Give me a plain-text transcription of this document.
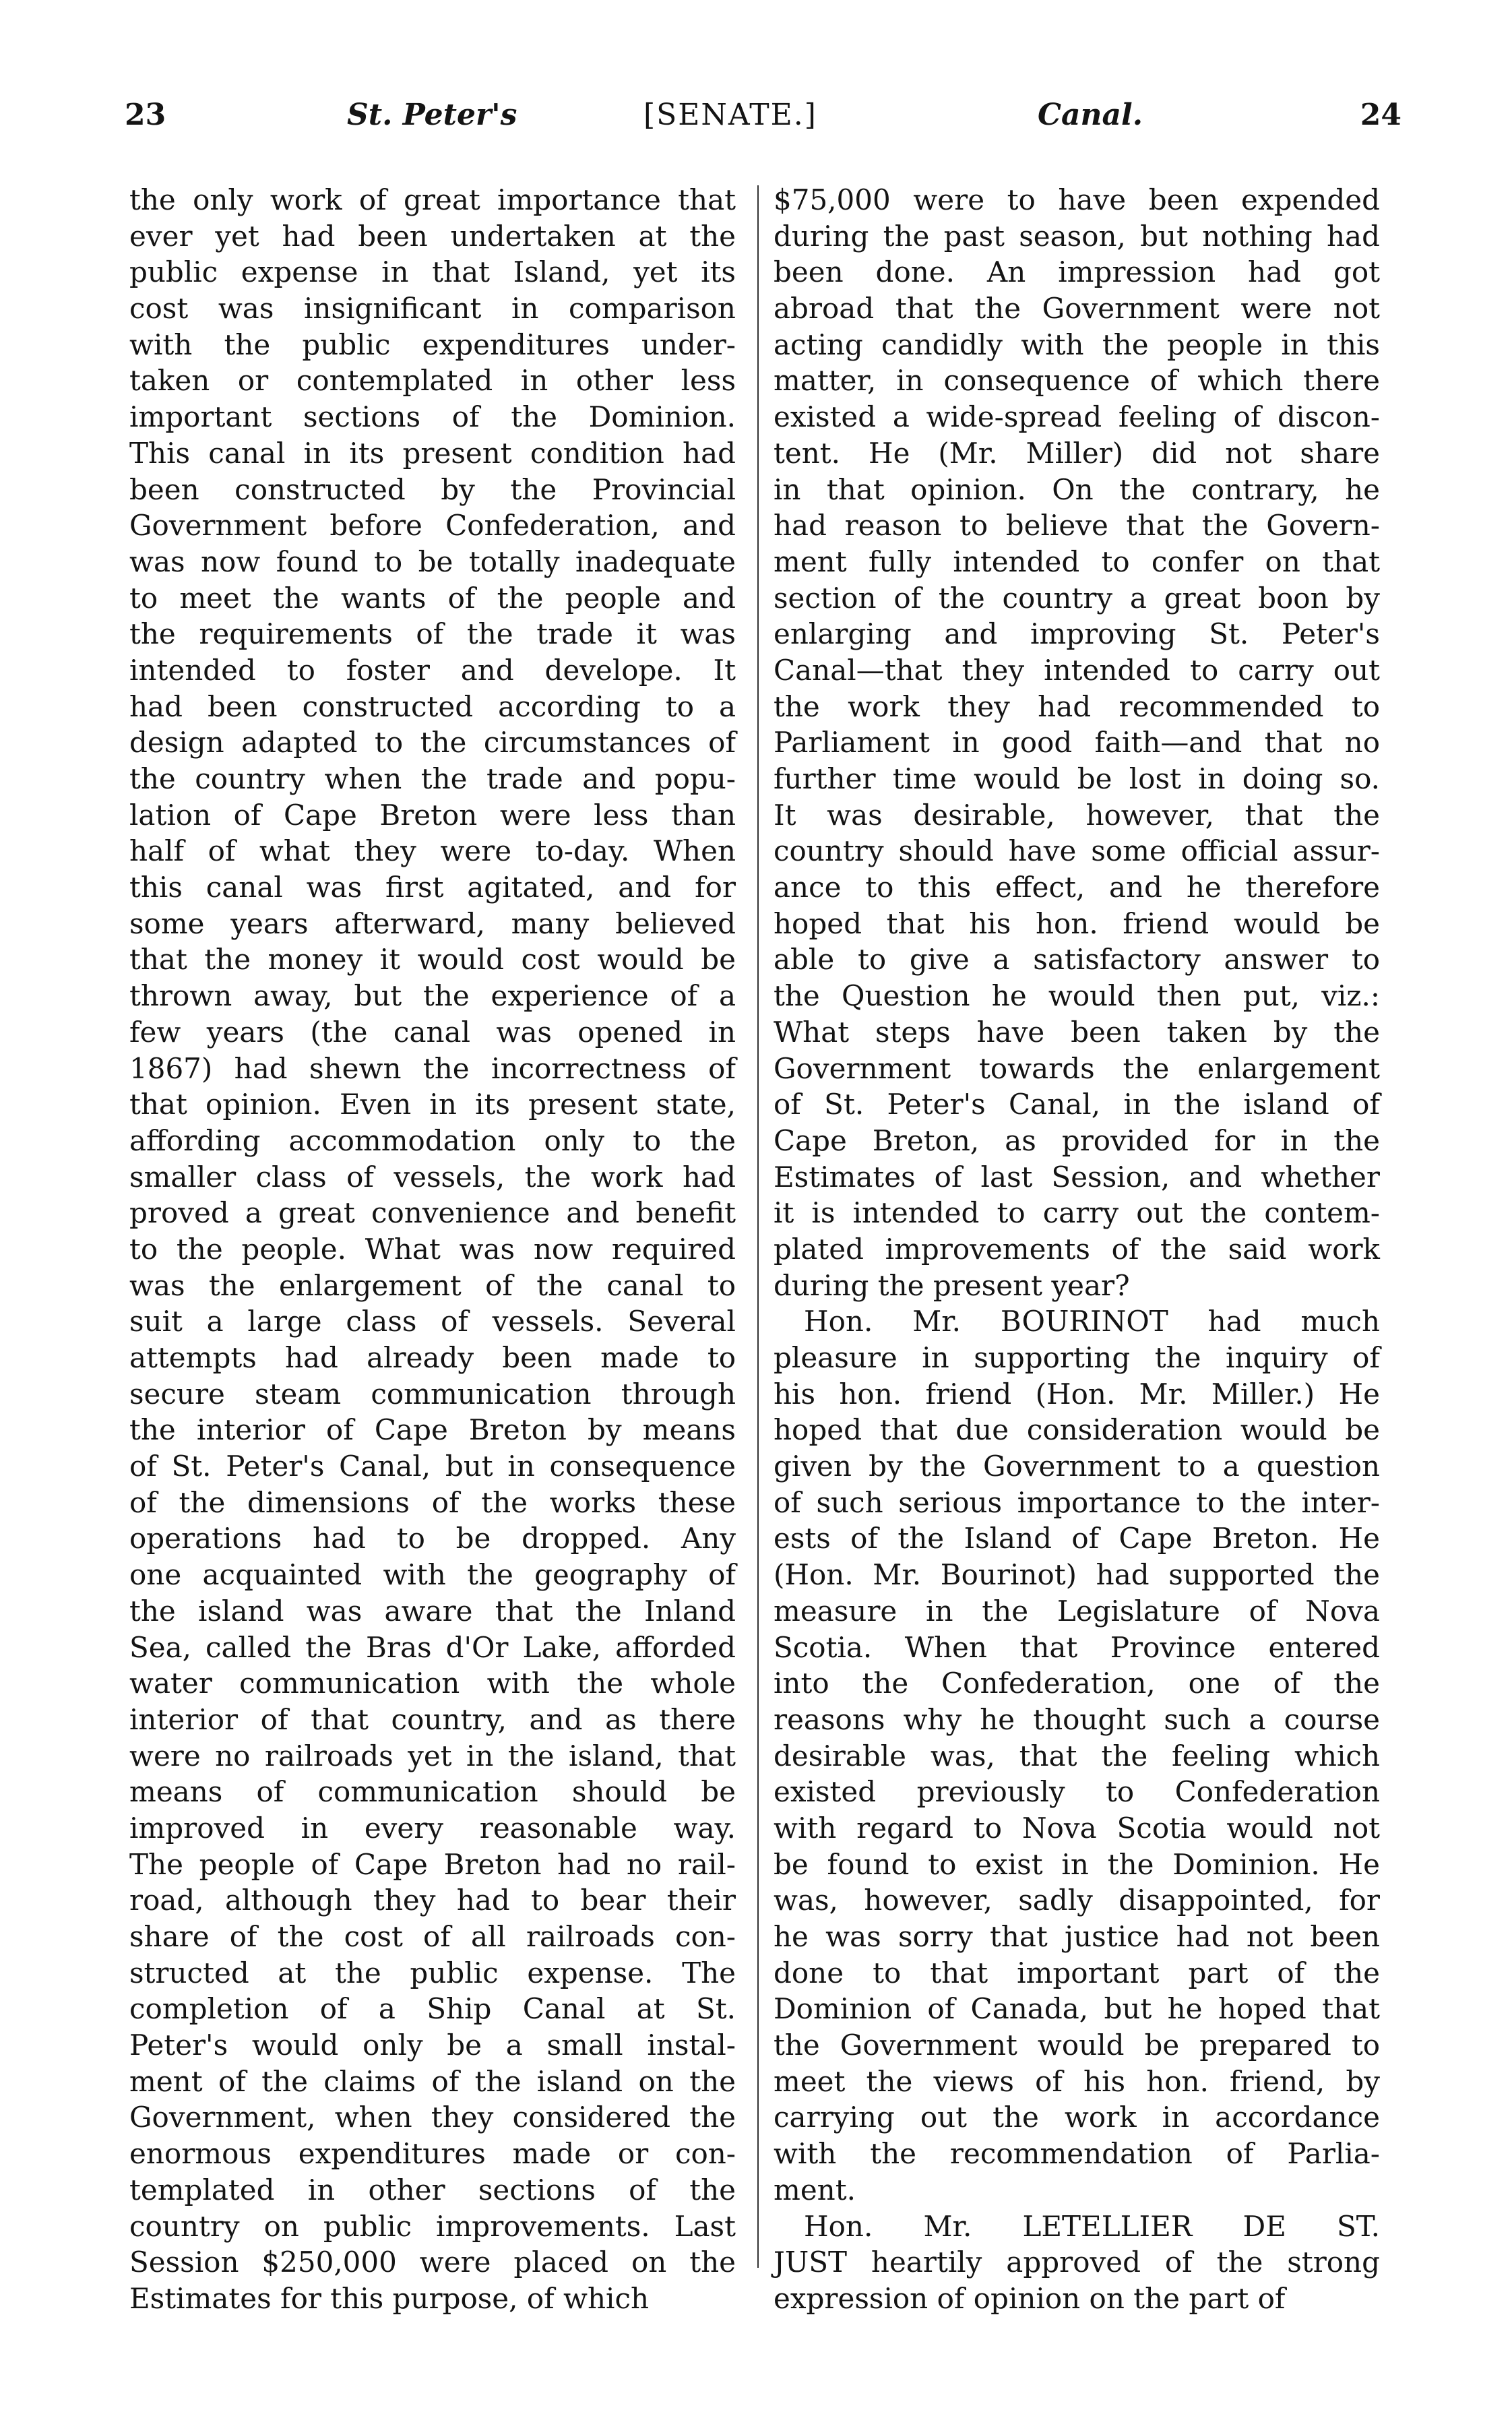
23	St. Peter's	[SENATE.]	Canal.	24
the only work of great importance that
ever yet had been undertaken at the
public expense in that Island, yet its
cost was insignificant in comparison
with the public expenditures under-
taken or contemplated in other less
important sections of the Dominion.
This canal in its present condition had
been constructed by the Provincial
Government before Confederation, and
was now found to be totally inadequate
to meet the wants of the people and
the requirements of the trade it was
intended to foster and develope. It
had been constructed according to a
design adapted to the circumstances of
the country when the trade and popu-
lation of Cape Breton were less than
half of what they were to-day. When
this canal was first agitated, and for
some years afterward, many believed
that the money it would cost would be
thrown away, but the experience of a
few years (the canal was opened in
1867) had shewn the incorrectness of
that opinion. Even in its present state,
affording accommodation only to the
smaller class of vessels, the work had
proved a great convenience and benefit
to the people. What was now required
was the enlargement of the canal to
suit a large class of vessels. Several
attempts had already been made to
secure steam communication through
the interior of Cape Breton by means
of St. Peter's Canal, but in consequence
of the dimensions of the works these
operations had to be dropped. Any
one acquainted with the geography of
the island was aware that the Inland
Sea, called the Bras d'Or Lake, afforded
water communication with the whole
interior of that country, and as there
were no railroads yet in the island, that
means of communication should be
improved in every reasonable way.
The people of Cape Breton had no rail-
road, although they had to bear their
share of the cost of all railroads con-
structed at the public expense. The
completion of a Ship Canal at St.
Peter's would only be a small instal-
ment of the claims of the island on the
Government, when they considered the
enormous expenditures made or con-
templated in other sections of the
country on public improvements. Last
Session $250,000 were placed on the
Estimates for this purpose, of which
$75,000 were to have been expended
during the past season, but nothing had
been done. An impression had got
abroad that the Government were not
acting candidly with the people in this
matter, in consequence of which there
existed a wide-spread feeling of discon-
tent. He (Mr. Miller) did not share
in that opinion. On the contrary, he
had reason to believe that the Govern-
ment fully intended to confer on that
section of the country a great boon by
enlarging and improving St. Peter's
Canal—that they intended to carry out
the work they had recommended to
Parliament in good faith—and that no
further time would be lost in doing so.
It was desirable, however, that the
country should have some official assur-
ance to this effect, and he therefore
hoped that his hon. friend would be
able to give a satisfactory answer to
the Question he would then put, viz.:
What steps have been taken by the
Government towards the enlargement
of St. Peter's Canal, in the island of
Cape Breton, as provided for in the
Estimates of last Session, and whether
it is intended to carry out the contem-
plated improvements of the said work
during the present year?
Hon. Mr. BOURINOT had much
pleasure in supporting the inquiry of
his hon. friend (Hon. Mr. Miller.) He
hoped that due consideration would be
given by the Government to a question
of such serious importance to the inter-
ests of the Island of Cape Breton. He
(Hon. Mr. Bourinot) had supported the
measure in the Legislature of Nova
Scotia. When that Province entered
into the Confederation, one of the
reasons why he thought such a course
desirable was, that the feeling which
existed previously to Confederation
with regard to Nova Scotia would not
be found to exist in the Dominion. He
was, however, sadly disappointed, for
he was sorry that justice had not been
done to that important part of the
Dominion of Canada, but he hoped that
the Government would be prepared to
meet the views of his hon. friend, by
carrying out the work in accordance
with the recommendation of Parlia-
ment.
Hon. Mr. LETELLIER DE ST.
JUST heartily approved of the strong
expression of opinion on the part of
